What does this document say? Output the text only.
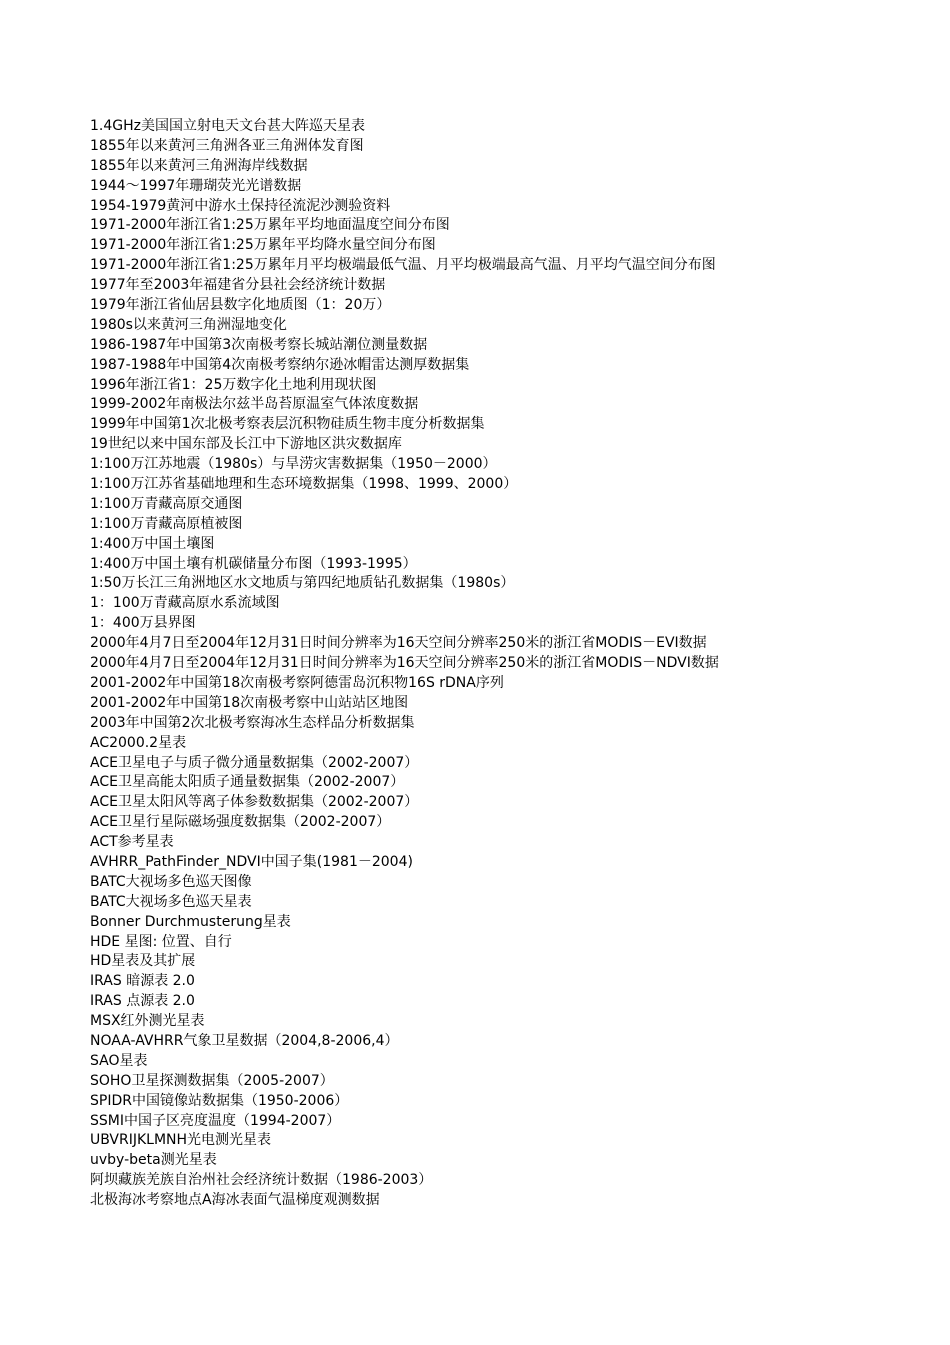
1.4GHz美国国立射电天文台甚大阵巡天星表
1855年以来黄河三角洲各亚三角洲体发育图
1855年以来黄河三角洲海岸线数据
1944～1997年珊瑚荧光光谱数据
1954-1979黄河中游水土保持径流泥沙测验资料
1971-2000年浙江省1:25万累年平均地面温度空间分布图
1971-2000年浙江省1:25万累年平均降水量空间分布图
1971-2000年浙江省1:25万累年月平均极端最低气温、月平均极端最高气温、月平均气温空间分布图
1977年至2003年福建省分县社会经济统计数据
1979年浙江省仙居县数字化地质图（1：20万）
1980s以来黄河三角洲湿地变化
1986-1987年中国第3次南极考察长城站潮位测量数据
1987-1988年中国第4次南极考察纳尔逊冰帽雷达测厚数据集
1996年浙江省1：25万数字化土地利用现状图
1999-2002年南极法尔兹半岛苔原温室气体浓度数据
1999年中国第1次北极考察表层沉积物硅质生物丰度分析数据集
19世纪以来中国东部及长江中下游地区洪灾数据库
1:100万江苏地震（1980s）与旱涝灾害数据集（1950－2000）
1:100万江苏省基础地理和生态环境数据集（1998、1999、2000）
1:100万青藏高原交通图
1:100万青藏高原植被图
1:400万中国土壤图
1:400万中国土壤有机碳储量分布图（1993-1995）
1:50万长江三角洲地区水文地质与第四纪地质钻孔数据集（1980s）
1：100万青藏高原水系流域图
1：400万县界图
2000年4月7日至2004年12月31日时间分辨率为16天空间分辨率250米的浙江省MODIS－EVI数据
2000年4月7日至2004年12月31日时间分辨率为16天空间分辨率250米的浙江省MODIS－NDVI数据
2001-2002年中国第18次南极考察阿德雷岛沉积物16S rDNA序列
2001-2002年中国第18次南极考察中山站站区地图
2003年中国第2次北极考察海冰生态样品分析数据集
AC2000.2星表
ACE卫星电子与质子微分通量数据集（2002-2007）
ACE卫星高能太阳质子通量数据集（2002-2007）
ACE卫星太阳风等离子体参数数据集（2002-2007）
ACE卫星行星际磁场强度数据集（2002-2007）
ACT参考星表
AVHRR_PathFinder_NDVI中国子集(1981－2004)
BATC大视场多色巡天图像
BATC大视场多色巡天星表
Bonner Durchmusterung星表
HDE 星图: 位置、自行
HD星表及其扩展
IRAS 暗源表 2.0
IRAS 点源表 2.0
MSX红外测光星表
NOAA-AVHRR气象卫星数据（2004,8-2006,4）
SAO星表
SOHO卫星探测数据集（2005-2007）
SPIDR中国镜像站数据集（1950-2006）
SSMI中国子区亮度温度（1994-2007）
UBVRIJKLMNH光电测光星表
uvby-beta测光星表
阿坝藏族羌族自治州社会经济统计数据（1986-2003）
北极海冰考察地点A海冰表面气温梯度观测数据
